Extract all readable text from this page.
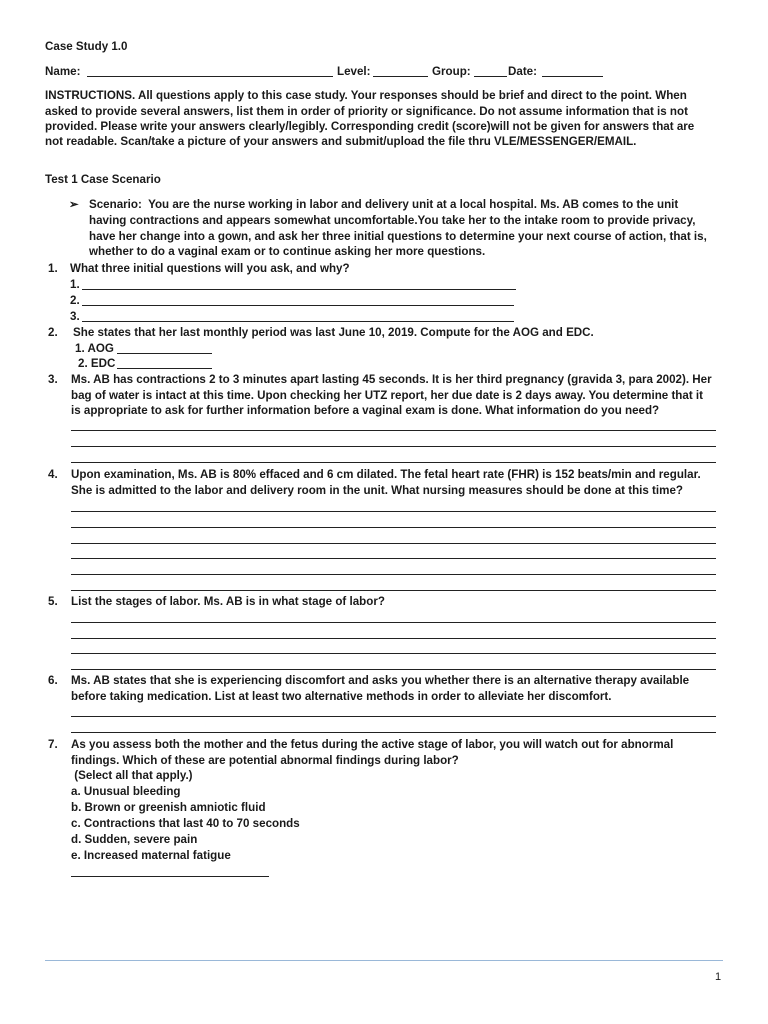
Case Study 1.0
Name:	Level:	Group:	Date:
INSTRUCTIONS. All questions apply to this case study. Your responses should be brief and direct to the point. When
asked to provide several answers, list them in order of priority or significance. Do not assume information that is not
provided. Please write your answers clearly/legibly. Corresponding credit (score)will not be given for answers that are
not readable. Scan/take a picture of your answers and submit/upload the file thru VLE/MESSENGER/EMAIL.
Test 1 Case Scenario
➢ Scenario:  You are the nurse working in labor and delivery unit at a local hospital. Ms. AB comes to the unit
having contractions and appears somewhat uncomfortable.You take her to the intake room to provide privacy,
have her change into a gown, and ask her three initial questions to determine your next course of action, that is,
whether to do a vaginal exam or to continue asking her more questions.
1. What three initial questions will you ask, and why?
1.
2.
3.
2. She states that her last monthly period was last June 10, 2019. Compute for the AOG and EDC.
1. AOG
2. EDC
3. Ms. AB has contractions 2 to 3 minutes apart lasting 45 seconds. It is her third pregnancy (gravida 3, para 2002). Her
bag of water is intact at this time. Upon checking her UTZ report, her due date is 2 days away. You determine that it
is appropriate to ask for further information before a vaginal exam is done. What information do you need?
4. Upon examination, Ms. AB is 80% effaced and 6 cm dilated. The fetal heart rate (FHR) is 152 beats/min and regular.
She is admitted to the labor and delivery room in the unit. What nursing measures should be done at this time?
5. List the stages of labor. Ms. AB is in what stage of labor?
6. Ms. AB states that she is experiencing discomfort and asks you whether there is an alternative therapy available
before taking medication. List at least two alternative methods in order to alleviate her discomfort.
7. As you assess both the mother and the fetus during the active stage of labor, you will watch out for abnormal
findings. Which of these are potential abnormal findings during labor?
(Select all that apply.)
a. Unusual bleeding
b. Brown or greenish amniotic fluid
c. Contractions that last 40 to 70 seconds
d. Sudden, severe pain
e. Increased maternal fatigue
1
